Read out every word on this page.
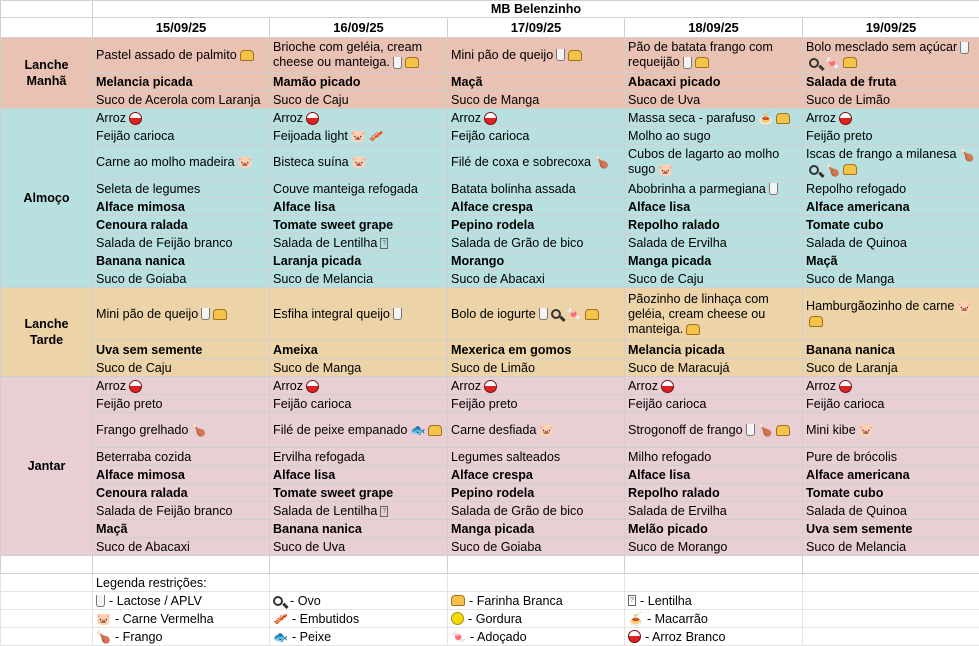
	MB Belenzinho				
	15/09/25	16/09/25	17/09/25	18/09/25	19/09/25
Lanche
Manhã	Pastel assado de palmito	Brioche com geléia, cream cheese ou manteiga.	Mini pão de queijo	Pão de batata frango com requeijão	Bolo mesclado sem açúcar🍬
	Melancia picada	Mamão picado	Maçã	Abacaxi picado	Salada de fruta
	Suco de Acerola com Laranja	Suco de Caju	Suco de Manga	Suco de Uva	Suco de Limão
Almoço	Arroz	Arroz	Arroz	Massa seca - parafuso 🍝	Arroz
	Feijão carioca	Feijoada light 🐷 🥓	Feijão carioca	Molho ao sugo	Feijão preto
	Carne ao molho madeira 🐷	Bisteca suína 🐷	Filé de coxa e sobrecoxa 🍗	Cubos de lagarto ao molho sugo 🐷	Iscas de frango a milanesa 🍗🍗
	Seleta de legumes	Couve manteiga refogada	Batata bolinha assada	Abobrinha a parmegiana	Repolho refogado
	Alface mimosa	Alface lisa	Alface crespa	Alface lisa	Alface americana
	Cenoura ralada	Tomate sweet grape	Pepino rodela	Repolho ralado	Tomate cubo
	Salada de Feijão branco	Salada de Lentilha ?	Salada de Grão de bico	Salada de Ervilha	Salada de Quinoa
	Banana nanica	Laranja picada	Morango	Manga picada	Maçã
	Suco de Goiaba	Suco de Melancia	Suco de Abacaxi	Suco de Caju	Suco de Manga
Lanche
Tarde	Mini pão de queijo	Esfiha integral queijo	Bolo de iogurte 🍬	Pãozinho de linhaça com geléia, cream cheese ou manteiga.	Hamburgãozinho de carne 🐷
	Uva sem semente	Ameixa	Mexerica em gomos	Melancia picada	Banana nanica
	Suco de Caju	Suco de Manga	Suco de Limão	Suco de Maracujá	Suco de Laranja
Jantar	Arroz	Arroz	Arroz	Arroz	Arroz
	Feijão preto	Feijão carioca	Feijão preto	Feijão carioca	Feijão carioca
	Frango grelhado 🍗	Filé de peixe empanado 🐟	Carne desfiada 🐷	Strogonoff de frango 🍗	Mini kibe 🐷
	Beterraba cozida	Ervilha refogada	Legumes salteados	Milho refogado	Pure de brócolis
	Alface mimosa	Alface lisa	Alface crespa	Alface lisa	Alface americana
	Cenoura ralada	Tomate sweet grape	Pepino rodela	Repolho ralado	Tomate cubo
	Salada de Feijão branco	Salada de Lentilha ?	Salada de Grão de bico	Salada de Ervilha	Salada de Quinoa
	Maçã	Banana nanica	Manga picada	Melão picado	Uva sem semente
	Suco de Abacaxi	Suco de Uva	Suco de Goiaba	Suco de Morango	Suco de Melancia

	Legenda restrições:				
	- Lactose / APLV	- Ovo	- Farinha Branca	? - Lentilha	
	🐷 - Carne Vermelha	🥓 - Embutidos	- Gordura	🍝 - Macarrão	
	🍗 - Frango	🐟 - Peixe	🍬 - Adoçado	- Arroz Branco	
